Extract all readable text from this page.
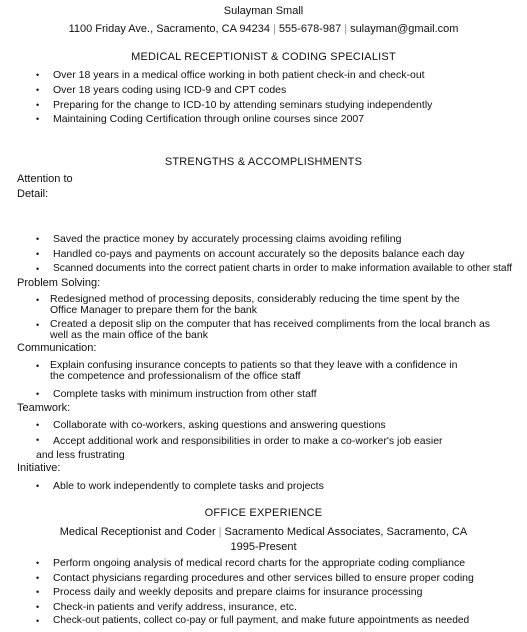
Sulayman Small
1100 Friday Ave., Sacramento, CA 94234 | 555-678-987 | sulayman@gmail.com
MEDICAL RECEPTIONIST & CODING SPECIALIST
• Over 18 years in a medical office working in both patient check-in and check-out
• Over 18 years coding using ICD-9 and CPT codes
• Preparing for the change to ICD-10 by attending seminars studying independently
• Maintaining Coding Certification through online courses since 2007
STRENGTHS & ACCOMPLISHMENTS
Attention to
Detail:
• Saved the practice money by accurately processing claims avoiding refiling
• Handled co-pays and payments on account accurately so the deposits balance each day
• Scanned documents into the correct patient charts in order to make information available to other staff
Problem Solving:
• Redesigned method of processing deposits, considerably reducing the time spent by the Office Manager to prepare them for the bank
• Created a deposit slip on the computer that has received compliments from the local branch as well as the main office of the bank
Communication:
• Explain confusing insurance concepts to patients so that they leave with a confidence in the competence and professionalism of the office staff
• Complete tasks with minimum instruction from other staff
Teamwork:
• Collaborate with co-workers, asking questions and answering questions
•	Accept additional work and responsibilities in order to make a co-worker's job easier and less frustrating
Initiative:
• Able to work independently to complete tasks and projects
OFFICE EXPERIENCE
Medical Receptionist and Coder | Sacramento Medical Associates, Sacramento, CA
1995-Present
• Perform ongoing analysis of medical record charts for the appropriate coding compliance
• Contact physicians regarding procedures and other services billed to ensure proper coding
• Process daily and weekly deposits and prepare claims for insurance processing
• Check-in patients and verify address, insurance, etc.
• Check-out patients, collect co-pay or full payment, and make future appointments as needed
